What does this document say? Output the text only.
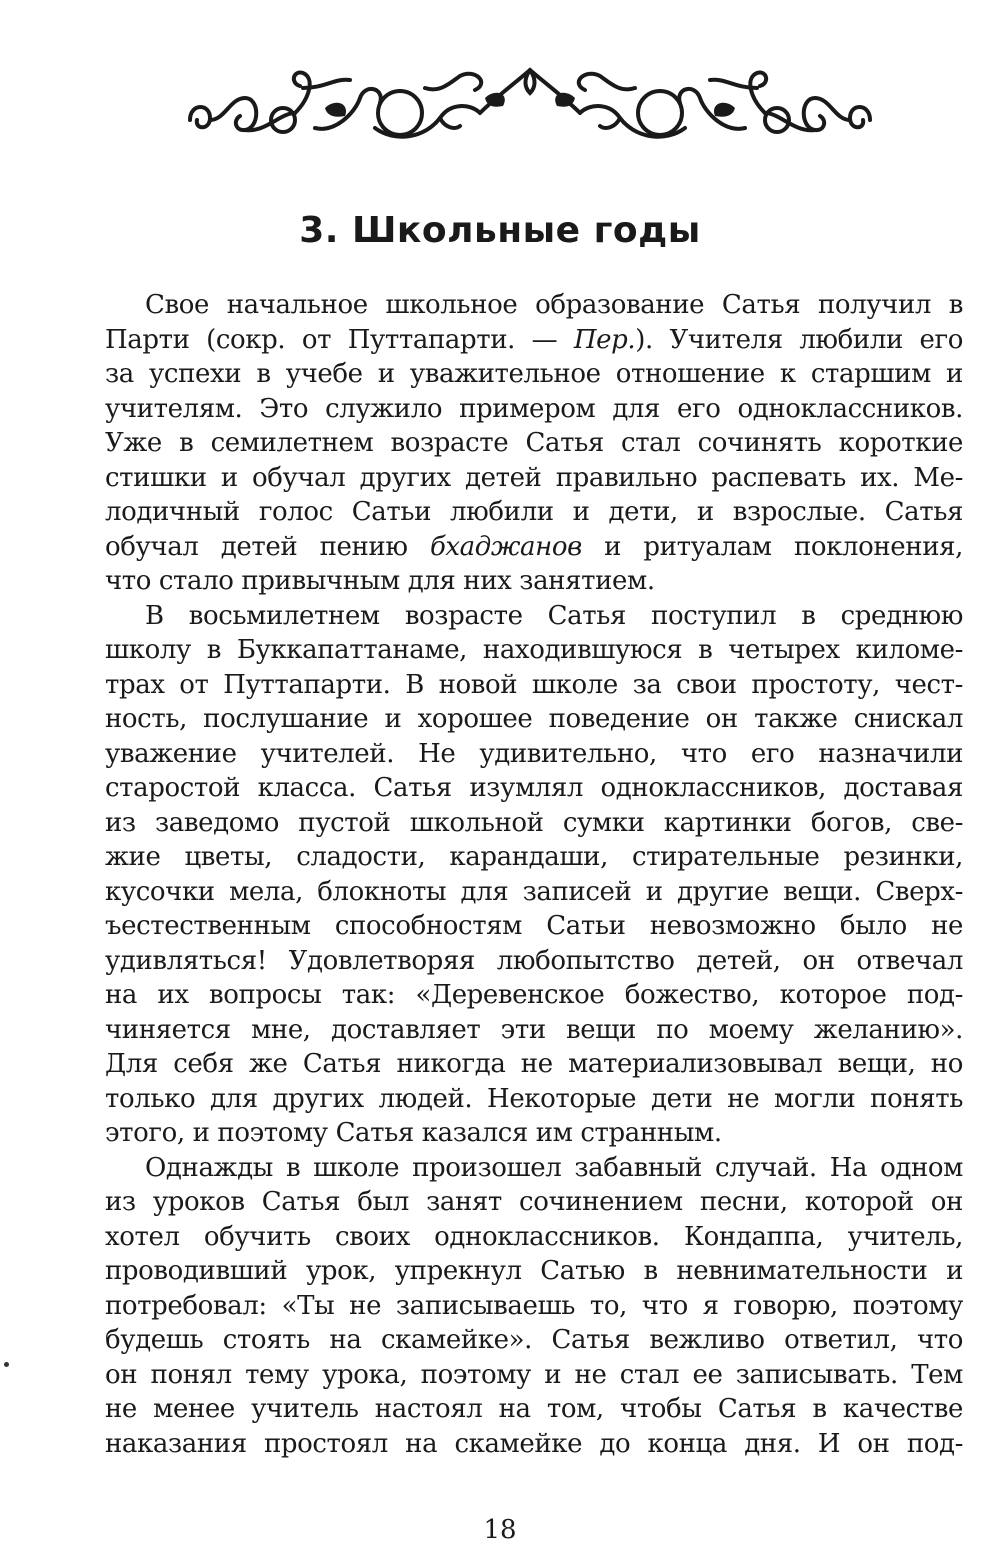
3. Школьные годы
Свое начальное школьное образование Сатья получил в
Парти (сокр. от Путтапарти. — Пер.). Учителя любили его
за успехи в учебе и уважительное отношение к старшим и
учителям. Это служило примером для его одноклассников.
Уже в семилетнем возрасте Сатья стал сочинять короткие
стишки и обучал других детей правильно распевать их. Ме-
лодичный голос Сатьи любили и дети, и взрослые. Сатья
обучал детей пению бхаджанов и ритуалам поклонения,
что стало привычным для них занятием.
В восьмилетнем возрасте Сатья поступил в среднюю
школу в Буккапаттанаме, находившуюся в четырех киломе-
трах от Путтапарти. В новой школе за свои простоту, чест-
ность, послушание и хорошее поведение он также снискал
уважение учителей. Не удивительно, что его назначили
старостой класса. Сатья изумлял одноклассников, доставая
из заведомо пустой школьной сумки картинки богов, све-
жие цветы, сладости, карандаши, стирательные резинки,
кусочки мела, блокноты для записей и другие вещи. Сверх-
ъестественным способностям Сатьи невозможно было не
удивляться! Удовлетворяя любопытство детей, он отвечал
на их вопросы так: «Деревенское божество, которое под-
чиняется мне, доставляет эти вещи по моему желанию».
Для себя же Сатья никогда не материализовывал вещи, но
только для других людей. Некоторые дети не могли понять
этого, и поэтому Сатья казался им странным.
Однажды в школе произошел забавный случай. На одном
из уроков Сатья был занят сочинением песни, которой он
хотел обучить своих одноклассников. Кондаппа, учитель,
проводивший урок, упрекнул Сатью в невнимательности и
потребовал: «Ты не записываешь то, что я говорю, поэтому
будешь стоять на скамейке». Сатья вежливо ответил, что
он понял тему урока, поэтому и не стал ее записывать. Тем
не менее учитель настоял на том, чтобы Сатья в качестве
наказания простоял на скамейке до конца дня. И он под-
18
